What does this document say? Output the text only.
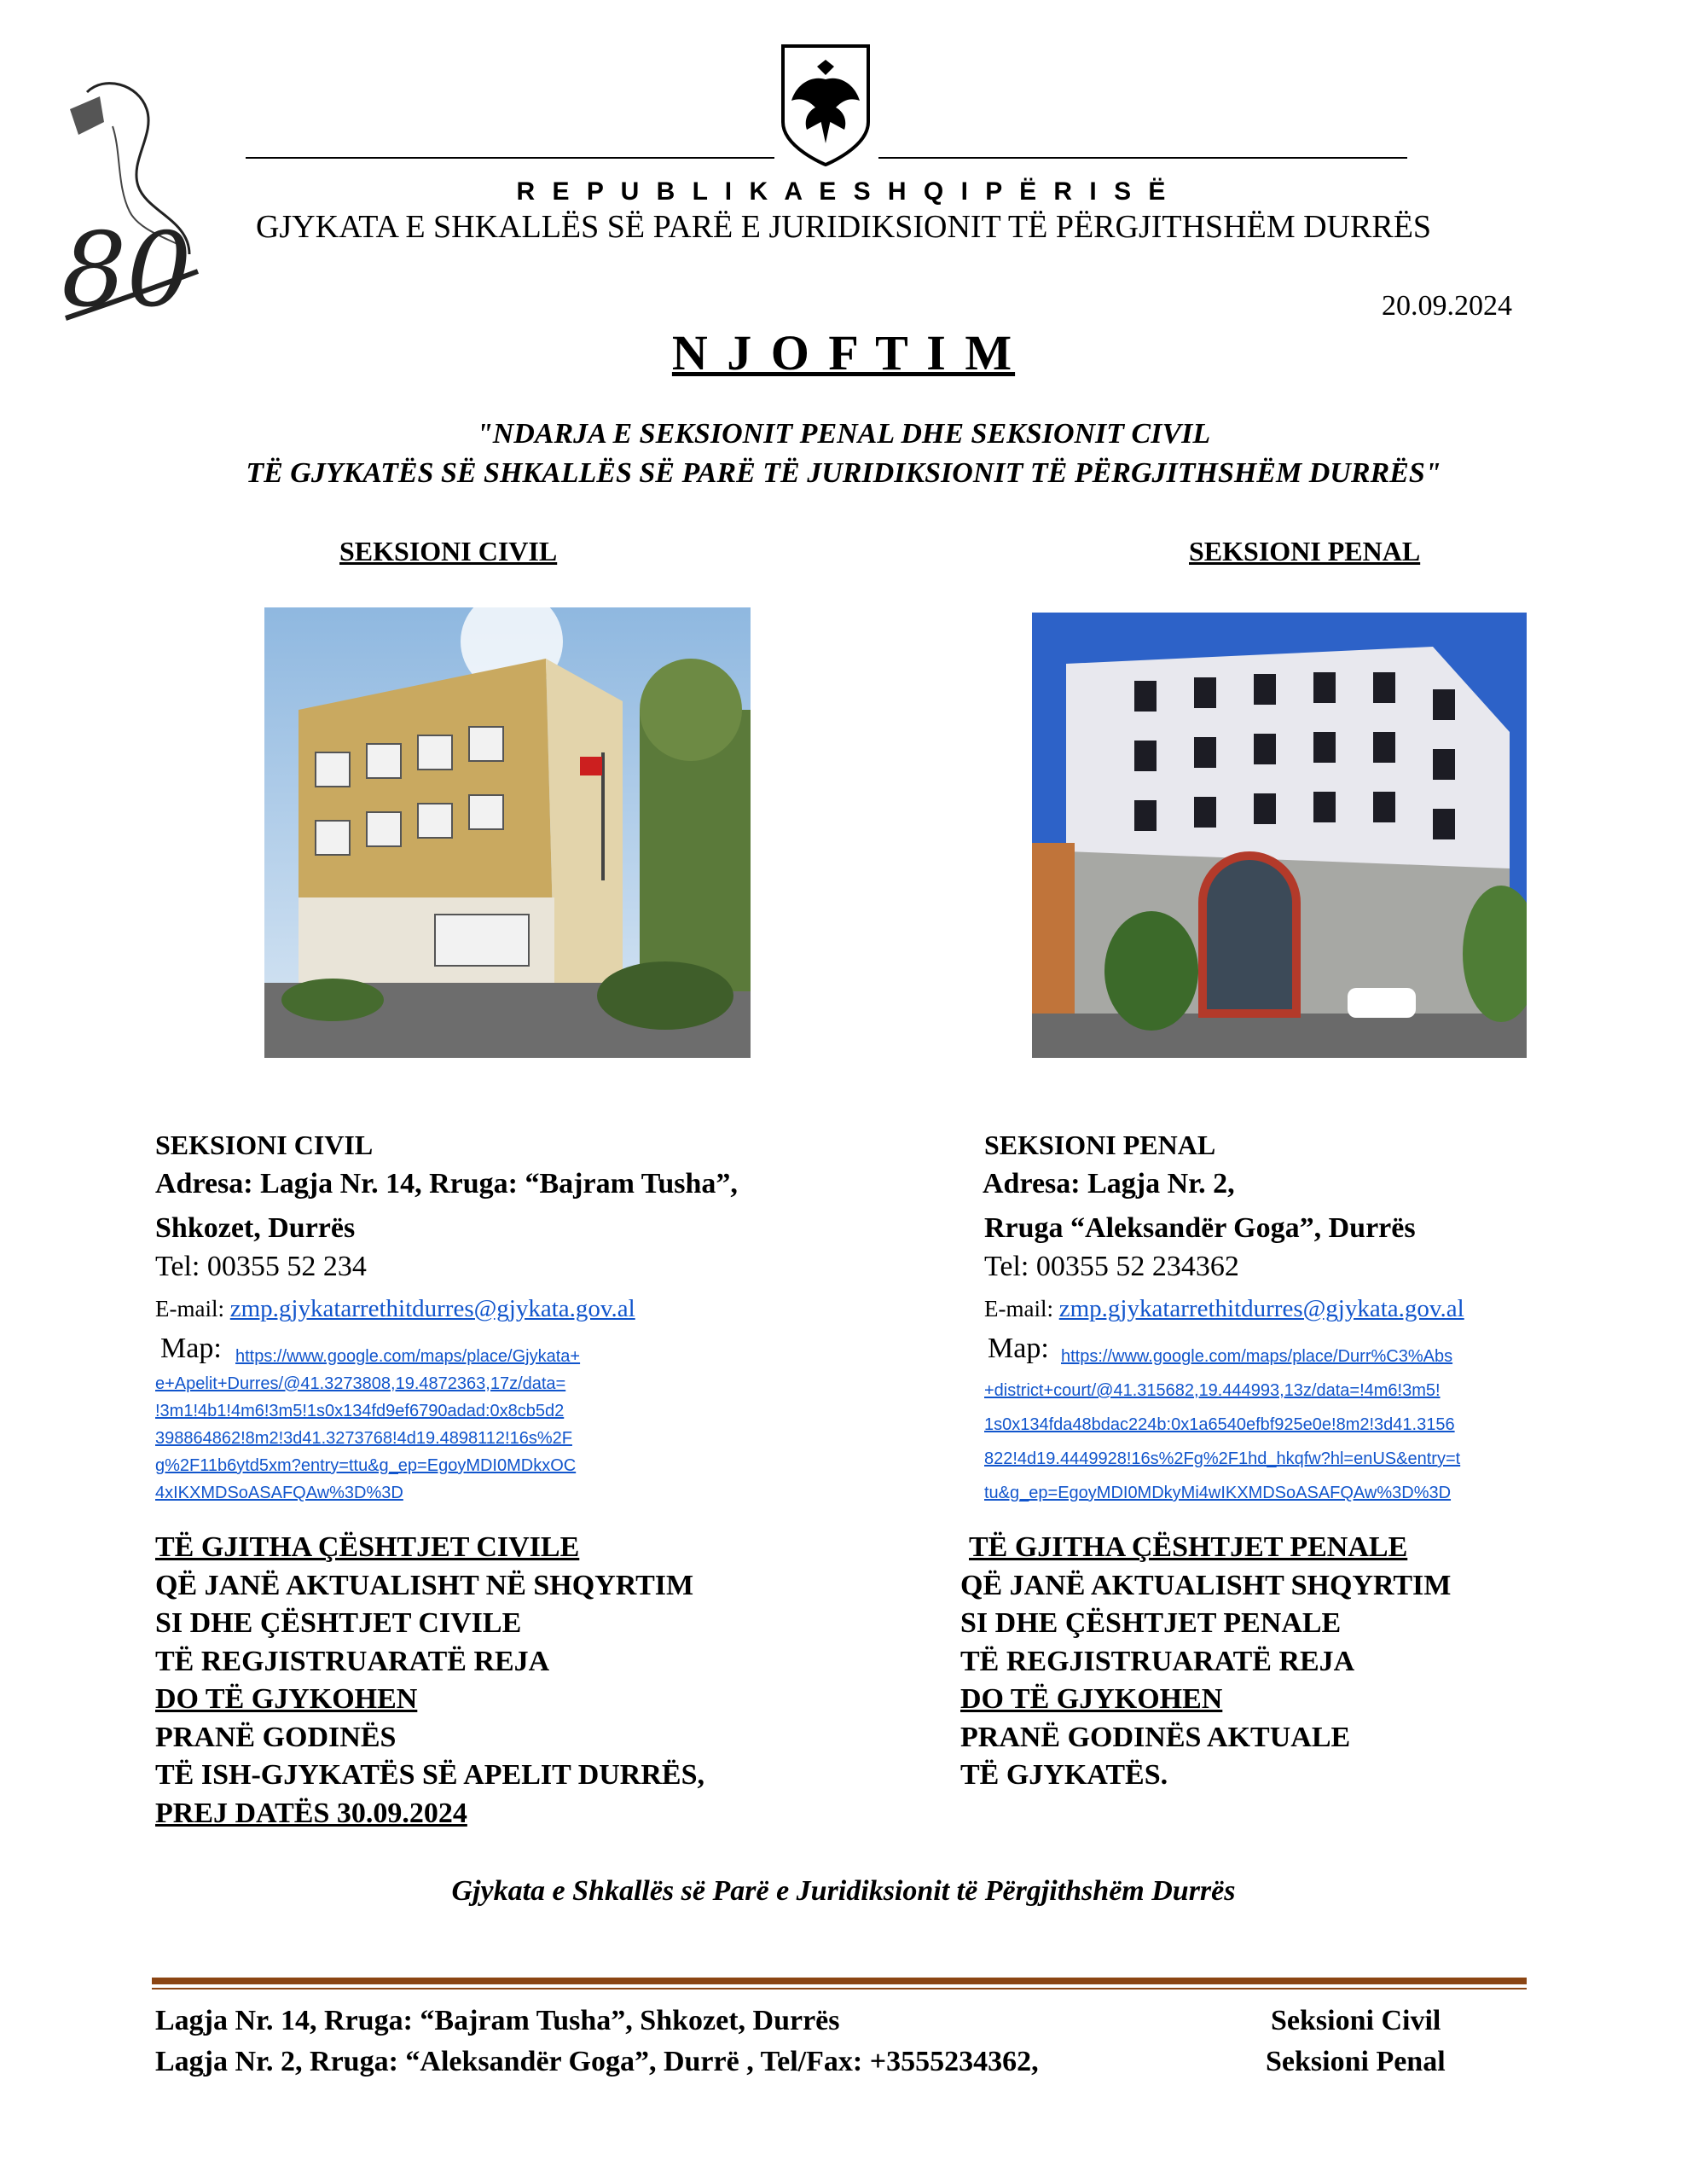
80
R E P U B L I K A E S H Q I P Ë R I S Ë
GJYKATA E SHKALLËS SË PARË E JURIDIKSIONIT TË PËRGJITHSHËM DURRËS
20.09.2024
N J O F T I M
"NDARJA E SEKSIONIT PENAL DHE SEKSIONIT CIVIL
TË GJYKATËS SË SHKALLËS SË PARË TË JURIDIKSIONIT TË PËRGJITHSHËM DURRËS"
SEKSIONI CIVIL	SEKSIONI PENAL
SEKSIONI CIVIL
Adresa: Lagja Nr. 14, Rruga: “Bajram Tusha”,
Shkozet, Durrës
Tel: 00355 52 234
E-mail: zmp.gjykatarrethitdurres@gjykata.gov.al
Map: https://www.google.com/maps/place/Gjykata+
e+Apelit+Durres/@41.3273808,19.4872363,17z/data=
!3m1!4b1!4m6!3m5!1s0x134fd9ef6790adad:0x8cb5d2
398864862!8m2!3d41.3273768!4d19.4898112!16s%2F
g%2F11b6ytd5xm?entry=ttu&g_ep=EgoyMDI0MDkxOC
4xIKXMDSoASAFQAw%3D%3D
SEKSIONI PENAL
Adresa: Lagja Nr. 2,
Rruga “Aleksandër Goga”, Durrës
Tel: 00355 52 234362
E-mail: zmp.gjykatarrethitdurres@gjykata.gov.al
Map: https://www.google.com/maps/place/Durr%C3%Abs
+district+court/@41.315682,19.444993,13z/data=!4m6!3m5!
1s0x134fda48bdac224b:0x1a6540efbf925e0e!8m2!3d41.3156
822!4d19.4449928!16s%2Fg%2F1hd_hkqfw?hl=enUS&entry=t
tu&g_ep=EgoyMDI0MDkyMi4wIKXMDSoASAFQAw%3D%3D
TË GJITHA ÇËSHTJET CIVILE
QË JANË AKTUALISHT NË SHQYRTIM
SI DHE ÇËSHTJET CIVILE
TË REGJISTRUARATË REJA
DO TË GJYKOHEN
PRANË GODINËS
TË ISH-GJYKATËS SË APELIT DURRËS,
PREJ DATËS 30.09.2024
TË GJITHA ÇËSHTJET PENALE
QË JANË AKTUALISHT SHQYRTIM
SI DHE ÇËSHTJET PENALE
TË REGJISTRUARATË REJA
DO TË GJYKOHEN
PRANË GODINËS AKTUALE
TË GJYKATËS.
Gjykata e Shkallës së Parë e Juridiksionit të Përgjithshëm Durrës
Lagja Nr. 14, Rruga: “Bajram Tusha”, Shkozet, Durrës	Seksioni Civil
Lagja Nr. 2, Rruga: “Aleksandër Goga”, Durrë , Tel/Fax: +3555234362,	Seksioni Penal
